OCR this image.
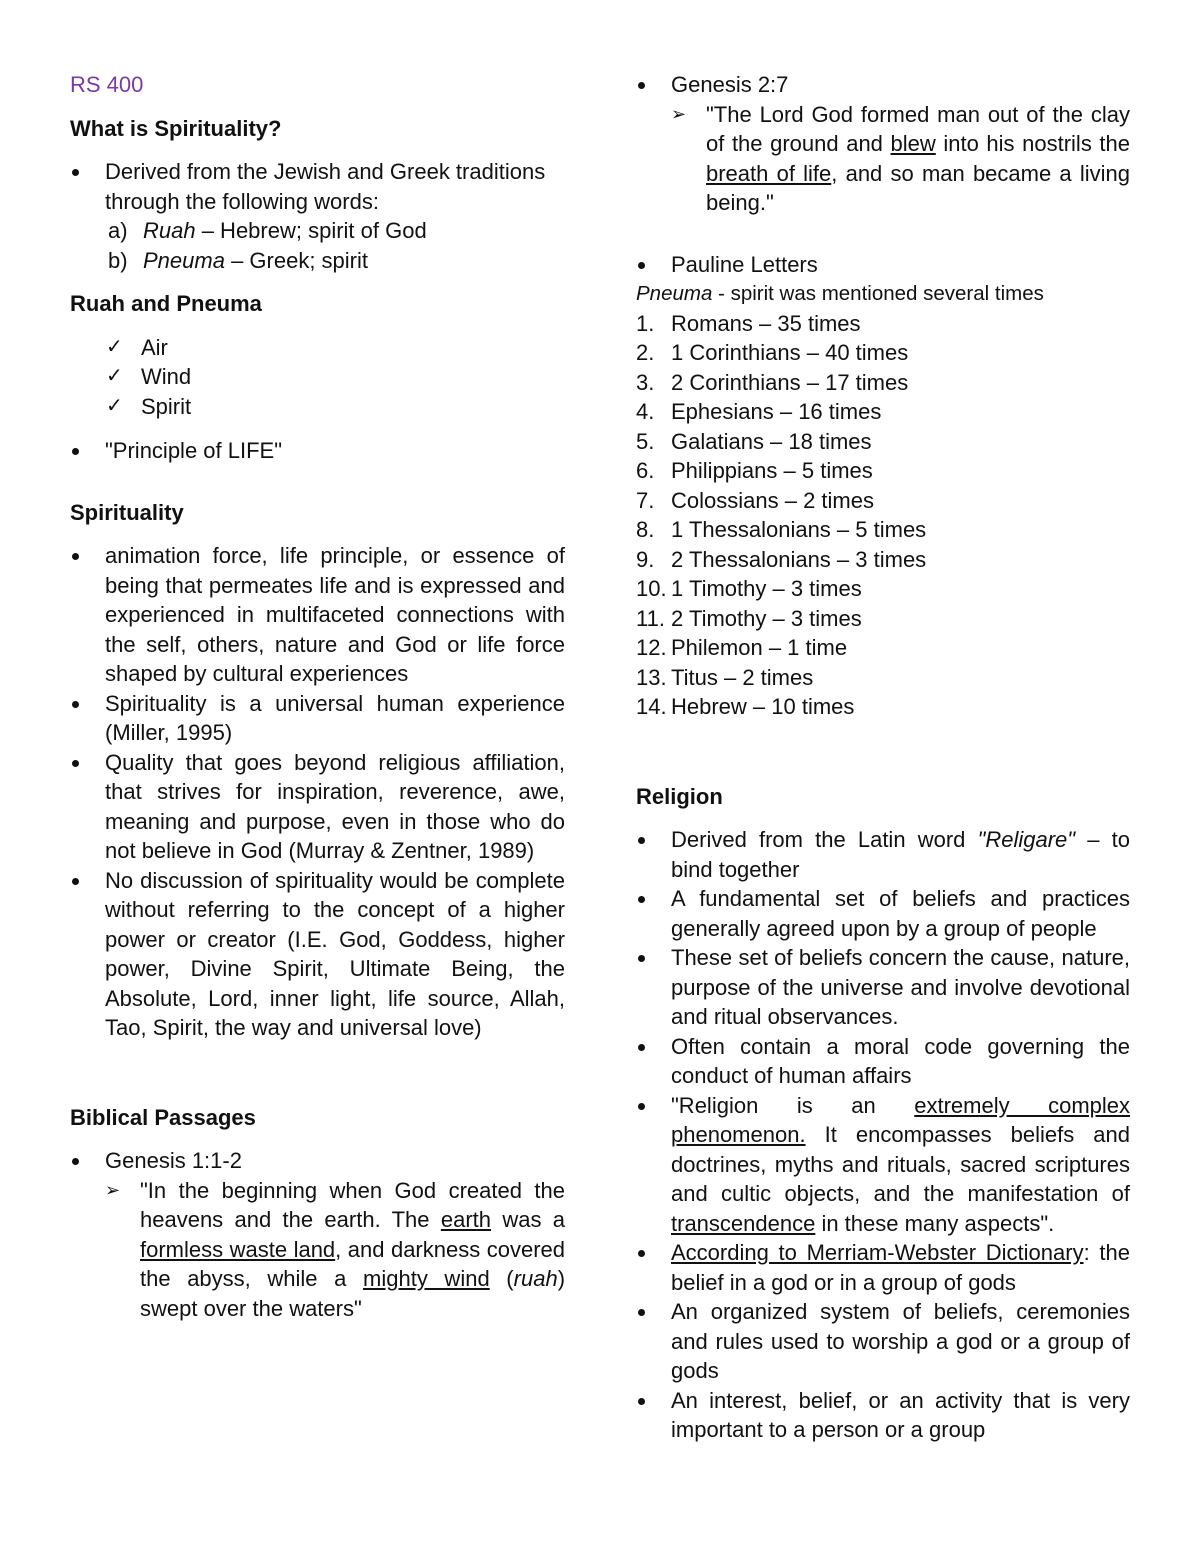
RS 400
What is Spirituality?
Derived from the Jewish and Greek traditions through the following words:
a) Ruah – Hebrew; spirit of God
b) Pneuma – Greek; spirit
Ruah and Pneuma
✓ Air
✓ Wind
✓ Spirit
"Principle of LIFE"
Spirituality
animation force, life principle, or essence of being that permeates life and is expressed and experienced in multifaceted connections with the self, others, nature and God or life force shaped by cultural experiences
Spirituality is a universal human experience (Miller, 1995)
Quality that goes beyond religious affiliation, that strives for inspiration, reverence, awe, meaning and purpose, even in those who do not believe in God (Murray & Zentner, 1989)
No discussion of spirituality would be complete without referring to the concept of a higher power or creator (I.E. God, Goddess, higher power, Divine Spirit, Ultimate Being, the Absolute, Lord, inner light, life source, Allah, Tao, Spirit, the way and universal love)
Biblical Passages
Genesis 1:1-2
➢ "In the beginning when God created the heavens and the earth. The earth was a formless waste land, and darkness covered the abyss, while a mighty wind (ruah) swept over the waters"
Genesis 2:7
➢ "The Lord God formed man out of the clay of the ground and blew into his nostrils the breath of life, and so man became a living being."
Pauline Letters
Pneuma - spirit was mentioned several times
1. Romans – 35 times
2. 1 Corinthians – 40 times
3. 2 Corinthians – 17 times
4. Ephesians – 16 times
5. Galatians – 18 times
6. Philippians – 5 times
7. Colossians – 2 times
8. 1 Thessalonians – 5 times
9. 2 Thessalonians – 3 times
10. 1 Timothy – 3 times
11. 2 Timothy – 3 times
12. Philemon – 1 time
13. Titus – 2 times
14. Hebrew – 10 times
Religion
Derived from the Latin word "Religare" – to bind together
A fundamental set of beliefs and practices generally agreed upon by a group of people
These set of beliefs concern the cause, nature, purpose of the universe and involve devotional and ritual observances.
Often contain a moral code governing the conduct of human affairs
"Religion is an extremely complex phenomenon. It encompasses beliefs and doctrines, myths and rituals, sacred scriptures and cultic objects, and the manifestation of transcendence in these many aspects".
According to Merriam-Webster Dictionary: the belief in a god or in a group of gods
An organized system of beliefs, ceremonies and rules used to worship a god or a group of gods
An interest, belief, or an activity that is very important to a person or a group
